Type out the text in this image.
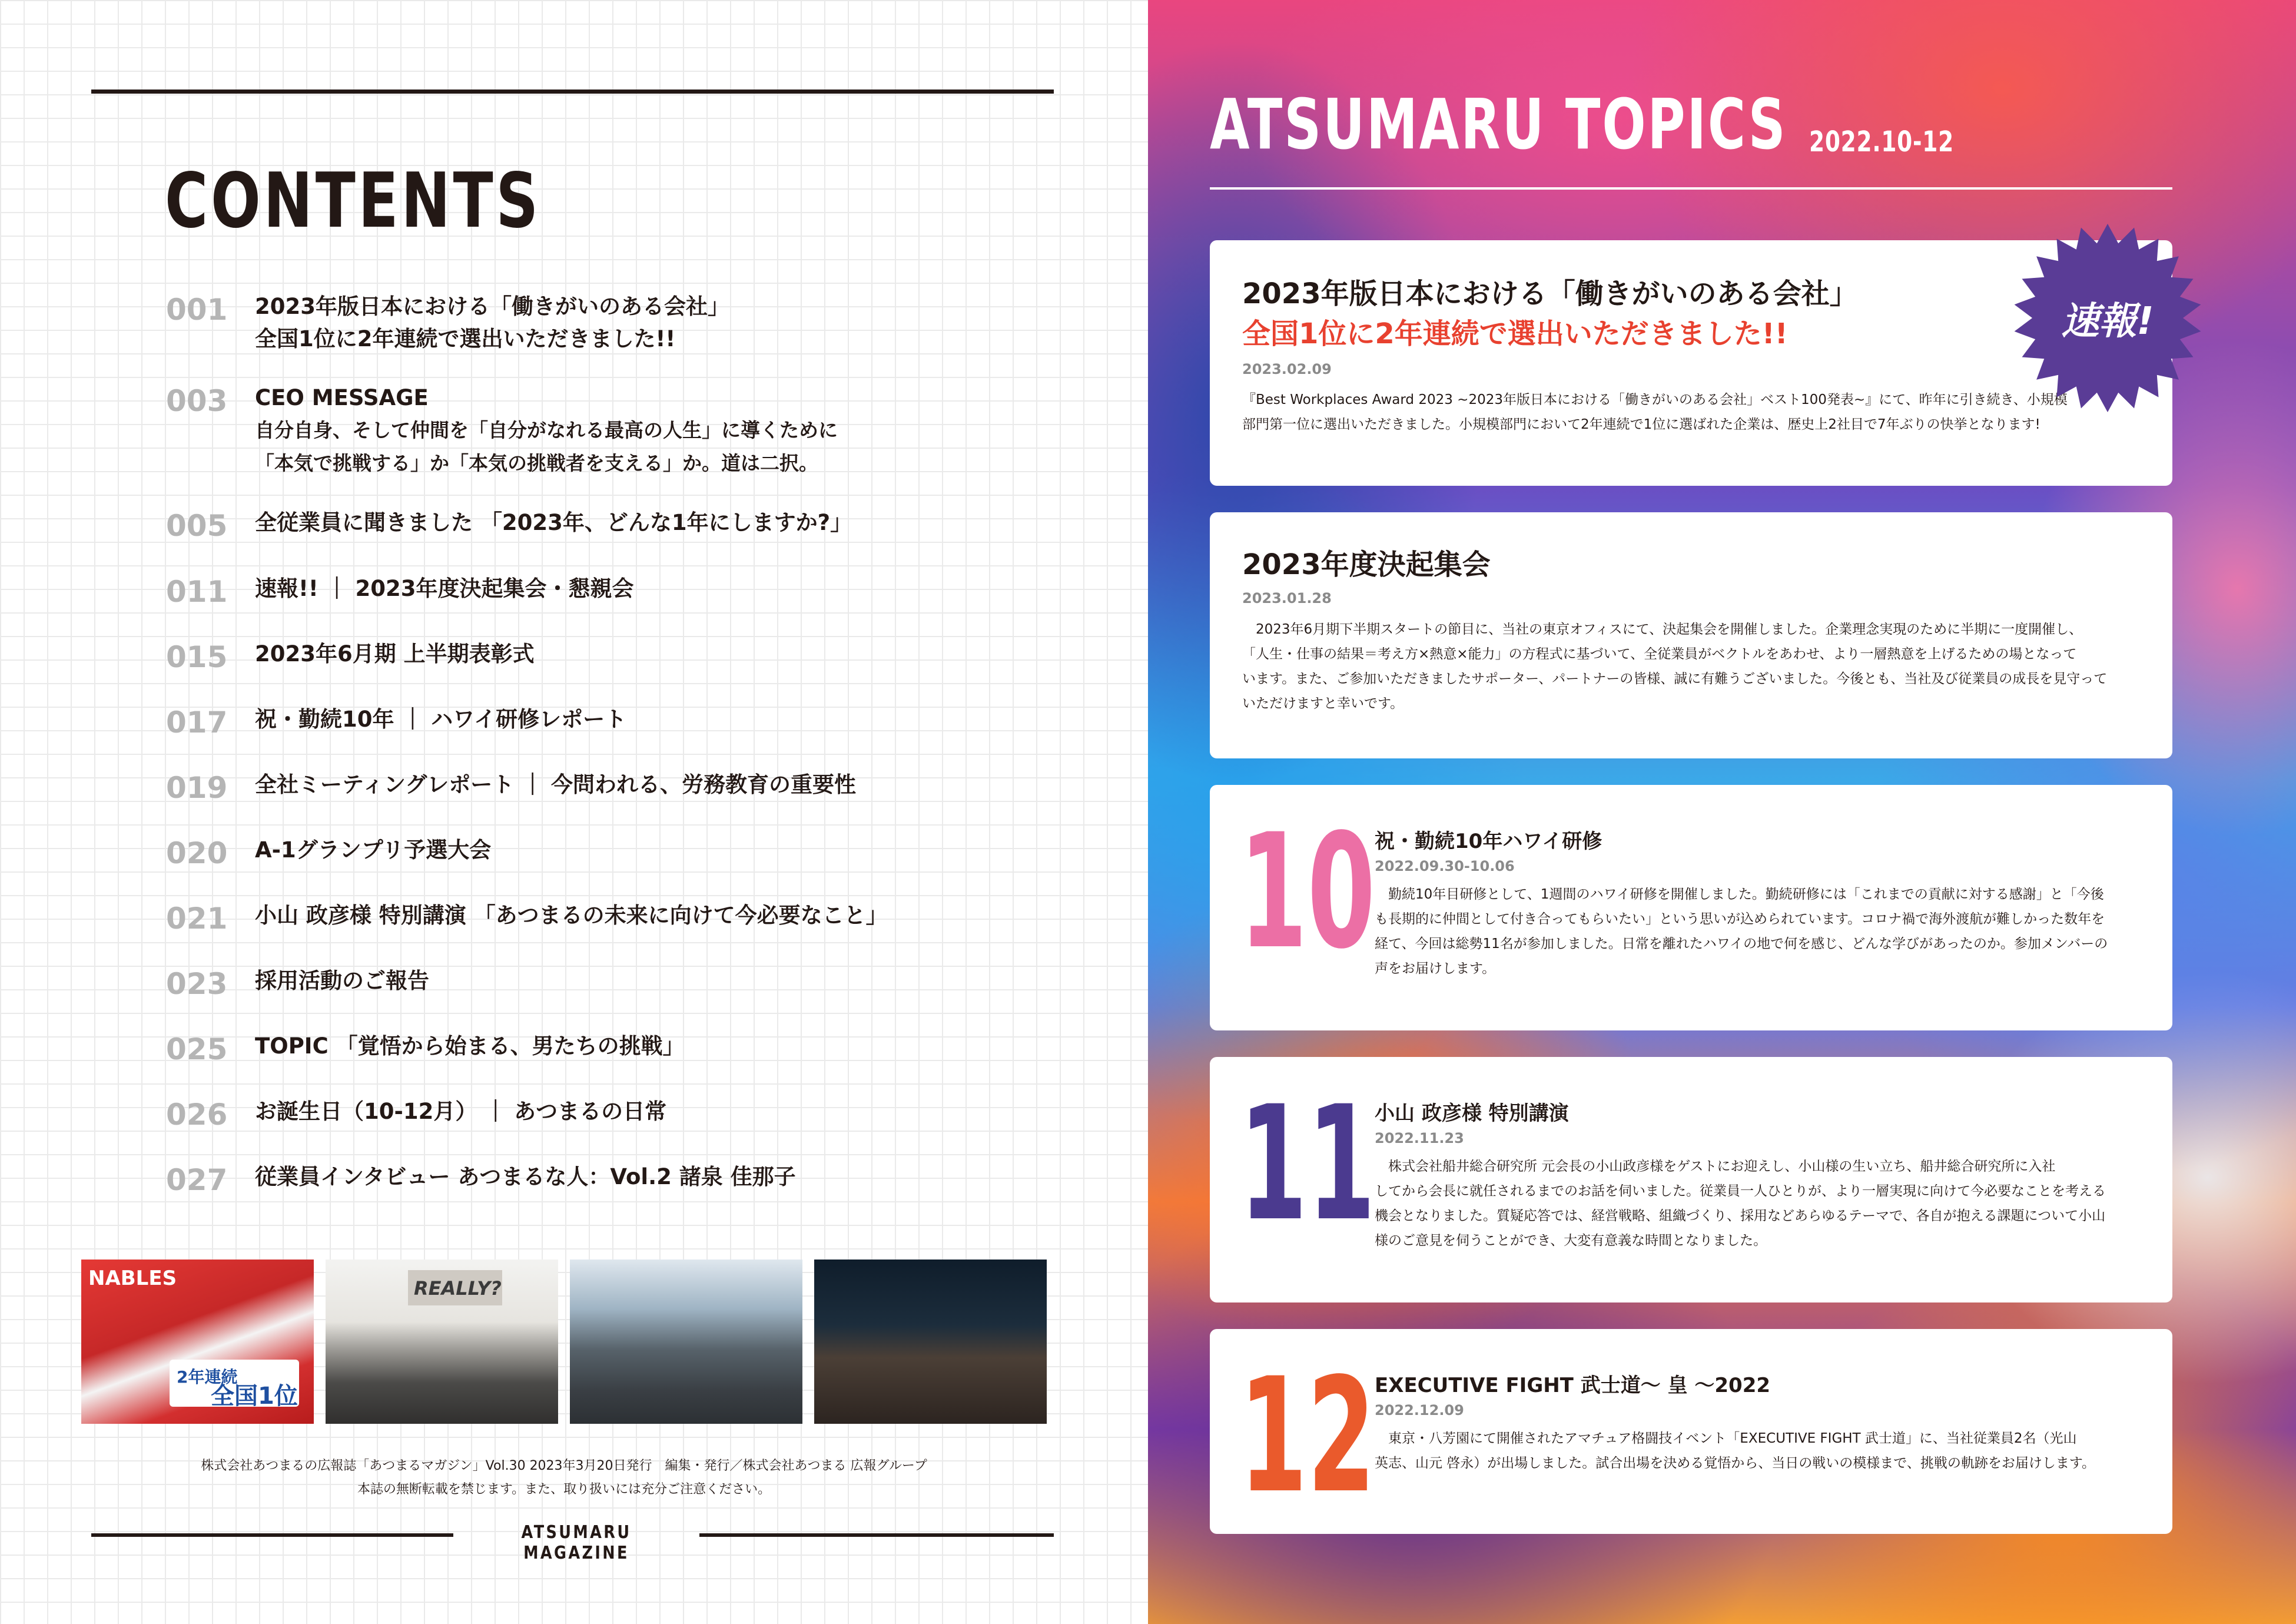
CONTENTS
001	2023年版日本における「働きがいのある会社」
全国1位に2年連続で選出いただきました!!
003	CEO MESSAGE
自分自身、そして仲間を「自分がなれる最高の人生」に導くために
「本気で挑戦する」か「本気の挑戦者を支える」か。道は二択。
005	全従業員に聞きました 「2023年、どんな1年にしますか?」
011	速報!! ｜ 2023年度決起集会・懇親会
015	2023年6月期 上半期表彰式
017	祝・勤続10年 ｜ ハワイ研修レポート
019	全社ミーティングレポート ｜ 今問われる、労務教育の重要性
020	A-1グランプリ予選大会
021	小山 政彦様 特別講演 「あつまるの未来に向けて今必要なこと」
023	採用活動のご報告
025	TOPIC 「覚悟から始まる、男たちの挑戦」
026	お誕生日（10-12月） ｜ あつまるの日常
027	従業員インタビュー あつまるな人：Vol.2 諸泉 佳那子
NABLES
2年連続
全国1位
REALLY?
株式会社あつまるの広報誌「あつまるマガジン」Vol.30 2023年3月20日発行　編集・発行／株式会社あつまる 広報グループ
本誌の無断転載を禁じます。また、取り扱いには充分ご注意ください。
ATSUMARU MAGAZINE
ATSUMARU TOPICS 2022.10-12
2023年版日本における「働きがいのある会社」
全国1位に2年連続で選出いただきました!!
2023.02.09
『Best Workplaces Award 2023 ~2023年版日本における「働きがいのある会社」ベスト100発表~』にて、昨年に引き続き、小規模
部門第一位に選出いただきました。小規模部門において2年連続で1位に選ばれた企業は、歴史上2社目で7年ぶりの快挙となります!
速報!
2023年度決起集会
2023.01.28
　2023年6月期下半期スタートの節目に、当社の東京オフィスにて、決起集会を開催しました。企業理念実現のために半期に一度開催し、
「人生・仕事の結果＝考え方×熱意×能力」の方程式に基づいて、全従業員がベクトルをあわせ、より一層熱意を上げるための場となって
います。また、ご参加いただきましたサポーター、パートナーの皆様、誠に有難うございました。今後とも、当社及び従業員の成長を見守って
いただけますと幸いです。
10
祝・勤続10年ハワイ研修
2022.09.30-10.06
　勤続10年目研修として、1週間のハワイ研修を開催しました。勤続研修には「これまでの貢献に対する感謝」と「今後
も長期的に仲間として付き合ってもらいたい」という思いが込められています。コロナ禍で海外渡航が難しかった数年を
経て、今回は総勢11名が参加しました。日常を離れたハワイの地で何を感じ、どんな学びがあったのか。参加メンバーの
声をお届けします。
11
小山 政彦様 特別講演
2022.11.23
　株式会社船井総合研究所 元会長の小山政彦様をゲストにお迎えし、小山様の生い立ち、船井総合研究所に入社
してから会長に就任されるまでのお話を伺いました。従業員一人ひとりが、より一層実現に向けて今必要なことを考える
機会となりました。質疑応答では、経営戦略、組織づくり、採用などあらゆるテーマで、各自が抱える課題について小山
様のご意見を伺うことができ、大変有意義な時間となりました。
12
EXECUTIVE FIGHT 武士道～ 皇 ～2022
2022.12.09
　東京・八芳園にて開催されたアマチュア格闘技イベント「EXECUTIVE FIGHT 武士道」に、当社従業員2名（光山
英志、山元 啓永）が出場しました。試合出場を決める覚悟から、当日の戦いの模様まで、挑戦の軌跡をお届けします。
